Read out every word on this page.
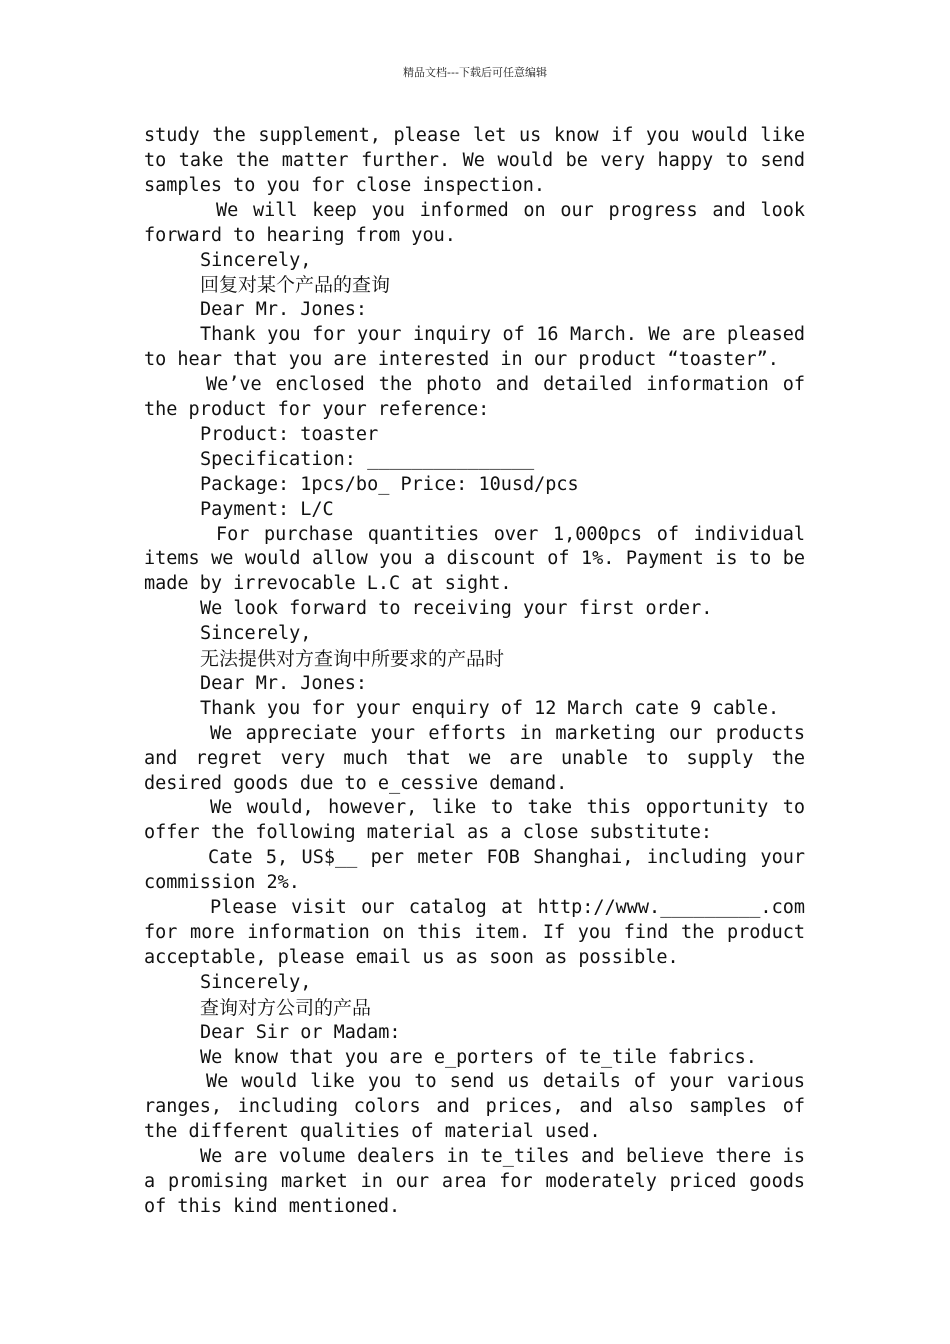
精品文档---下载后可任意编辑

study the supplement, please let us know if you would like to take the matter further. We would be very happy to send samples to you for close inspection.

We will keep you informed on our progress and look forward to hearing from you.

Sincerely,

回复对某个产品的查询

Dear Mr. Jones:

Thank you for your inquiry of 16 March. We are pleased to hear that you are interested in our product “toaster”.

We’ve enclosed the photo and detailed information of the product for your reference:

Product: toaster

Specification: _______________

Package: 1pcs/bo_ Price: 10usd/pcs

Payment: L/C

For purchase quantities over 1,000pcs of individual items we would allow you a discount of 1%. Payment is to be made by irrevocable L.C at sight.

We look forward to receiving your first order.

Sincerely,

无法提供对方查询中所要求的产品时

Dear Mr. Jones:

Thank you for your enquiry of 12 March cate 9 cable.

We appreciate your efforts in marketing our products and regret very much that we are unable to supply the desired goods due to e_cessive demand.

We would, however, like to take this opportunity to offer the following material as a close substitute:

Cate 5, US$__ per meter FOB Shanghai, including your commission 2%.

Please visit our catalog at http://www._________.com for more information on this item. If you find the product acceptable, please email us as soon as possible.

Sincerely,

查询对方公司的产品

Dear Sir or Madam:

We know that you are e_porters of te_tile fabrics.

We would like you to send us details of your various ranges, including colors and prices, and also samples of the different qualities of material used.

We are volume dealers in te_tiles and believe there is a promising market in our area for moderately priced goods of this kind mentioned.
